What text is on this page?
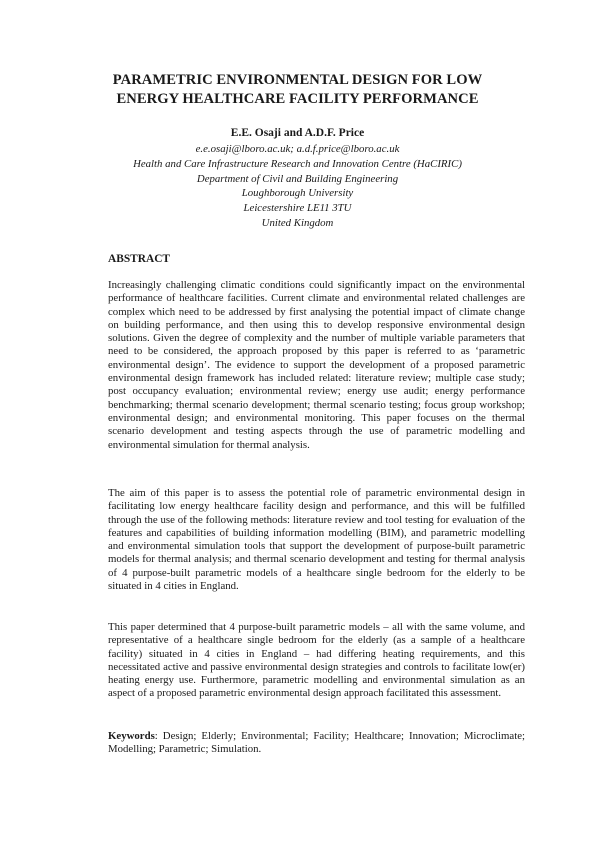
PARAMETRIC ENVIRONMENTAL DESIGN FOR LOW
ENERGY HEALTHCARE FACILITY PERFORMANCE

E.E. Osaji and A.D.F. Price

e.e.osaji@lboro.ac.uk; a.d.f.price@lboro.ac.uk

Health and Care Infrastructure Research and Innovation Centre (HaCIRIC)

Department of Civil and Building Engineering

Loughborough University

Leicestershire LE11 3TU

United Kingdom

ABSTRACT

Increasingly challenging climatic conditions could significantly impact on the environmental performance of healthcare facilities. Current climate and environmental related challenges are complex which need to be addressed by first analysing the potential impact of climate change on building performance, and then using this to develop responsive environmental design solutions. Given the degree of complexity and the number of multiple variable parameters that need to be considered, the approach proposed by this paper is referred to as ‘parametric environmental design’. The evidence to support the development of a proposed parametric environmental design framework has included related: literature review; multiple case study; post occupancy evaluation; environmental review; energy use audit; energy performance benchmarking; thermal scenario development; thermal scenario testing; focus group workshop; environmental design; and environmental monitoring. This paper focuses on the thermal scenario development and testing aspects through the use of parametric modelling and environmental simulation for thermal analysis.

The aim of this paper is to assess the potential role of parametric environmental design in facilitating low energy healthcare facility design and performance, and this will be fulfilled through the use of the following methods: literature review and tool testing for evaluation of the features and capabilities of building information modelling (BIM), and parametric modelling and environmental simulation tools that support the development of purpose-built parametric models for thermal analysis; and thermal scenario development and testing for thermal analysis of 4 purpose-built parametric models of a healthcare single bedroom for the elderly to be situated in 4 cities in England.

This paper determined that 4 purpose-built parametric models – all with the same volume, and representative of a healthcare single bedroom for the elderly (as a sample of a healthcare facility) situated in 4 cities in England – had differing heating requirements, and this necessitated active and passive environmental design strategies and controls to facilitate low(er) heating energy use. Furthermore, parametric modelling and environmental simulation as an aspect of a proposed parametric environmental design approach facilitated this assessment.

Keywords: Design; Elderly; Environmental; Facility; Healthcare; Innovation; Microclimate; Modelling; Parametric; Simulation.
